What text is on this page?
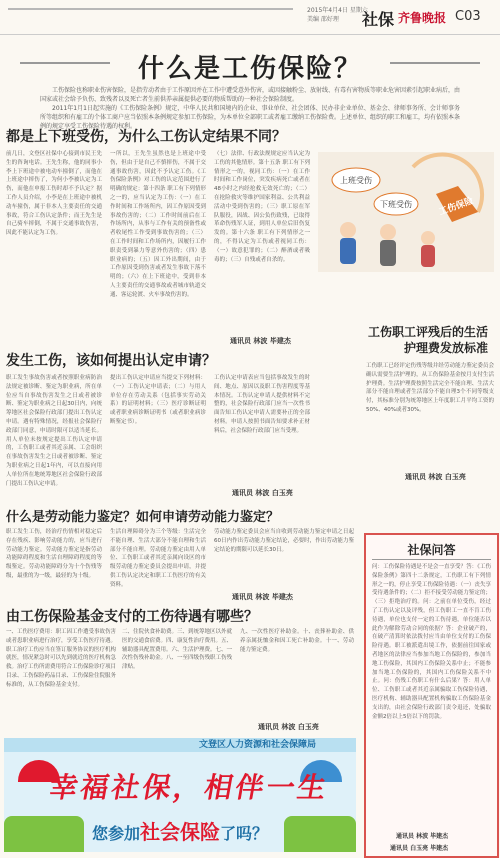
2015年4月4日 星期六
美编 邵好理	社保 齐鲁晚报 C03
什么是工伤保险？
工伤保险也称职业伤害保险，是指劳动者由于工作原因并在工作中遭受意外伤害，或因接触粉尘、放射线、有毒有害物质等职业危害因素引起职业病后，由国家或社会给予负伤、致残者以及死亡者生前供养亲属提供必要的物质帮助的一种社会保险制度。
2011年1月1日起实施的《工伤保险条例》规定，中华人民共和国境内的企业、事业单位、社会团体、民办非企业单位、基金会、律师事务所、会计师事务所等组织和有雇工的个体工商户应当依照本条例规定参加工伤保险，为本单位全部职工或者雇工缴纳工伤保险费。上述单位、组织的职工和雇工，均有依照本条例的规定享受工伤保险待遇的权利。
都是上下班受伤，为什么工伤认定结果不同？
前几日，文登区社保中心接到市民王先生的咨询电话。王先生称，他的同事小李上下班途中被电动车撞倒了，而他在上班途中摔伤了，为何小李被认定为工伤，而他在申报工伤时却不予认定？据工作人员介绍，小李是在上班途中被机动车撞伤，属于非本人主要责任的交通事故，符合工伤认定条件；而王先生是自己骑车摔倒，不属于交通事故伤害，因此不能认定为工伤。
一所以，王先生虽然也是上班途中受伤，但由于是自己不慎摔伤，不属于交通事故伤害，因此不予认定工伤。《工伤保险条例》对工伤的认定范围进行了明确的规定：第十四条 职工有下列情形之一的，应当认定为工伤：（一）在工作时间和工作场所内，因工作原因受到事故伤害的；（二）工作时间前后在工作场所内，从事与工作有关的预备性或者收尾性工作受到事故伤害的；（三）在工作时间和工作场所内，因履行工作职责受到暴力等意外伤害的；（四）患职业病的；（五）因工外出期间，由于工作原因受到伤害或者发生事故下落不明的；（六）在上下班途中，受到非本人主要责任的交通事故或者城市轨道交通、客运轮渡、火车事故伤害的。
（七）法律、行政法规规定应当认定为工伤的其他情形。第十五条 职工有下列情形之一的，视同工伤：（一）在工作时间和工作岗位，突发疾病死亡或者在48小时之内经抢救无效死亡的；（二）在抢险救灾等维护国家利益、公共利益活动中受到伤害的；（三）职工原在军队服役，因战、因公负伤致残，已取得革命伤残军人证，到用人单位后旧伤复发的。第十六条 职工有下列情形之一的，不得认定为工伤或者视同工伤：（一）故意犯罪的；（二）醉酒或者吸毒的；（三）自残或者自杀的。
通讯员 林波 毕建杰
上班受伤
下班受伤	工伤保险
工伤职工评残后的生活护理费发放标准
工伤职工已经评定伤残等级并经劳动能力鉴定委员会确认需要生活护理的，从工伤保险基金按月支付生活护理费。生活护理费按照生活完全不能自理、生活大部分不能自理或者生活部分不能自理3个不同等级支付，其标准分别为统筹地区上年度职工月平均工资的50%、40%或者30%。
通讯员 林波 白玉亮
发生工伤，该如何提出认定申请？
职工发生事故伤害或者按照职业病防治法规定被诊断、鉴定为职业病，所在单位应当自事故伤害发生之日或者被诊断、鉴定为职业病之日起30日内，向统筹地区社会保险行政部门提出工伤认定申请。遇有特殊情况，经报社会保险行政部门同意，申请时限可以适当延长。用人单位未按规定提出工伤认定申请的，工伤职工或者其近亲属、工会组织在事故伤害发生之日或者被诊断、鉴定为职业病之日起1年内，可以直接向用人单位所在地统筹地区社会保险行政部门提出工伤认定申请。
提出工伤认定申请应当提交下列材料：（一）工伤认定申请表；（二）与用人单位存在劳动关系（包括事实劳动关系）的证明材料；（三）医疗诊断证明或者职业病诊断证明书（或者职业病诊断鉴定书）。
工伤认定申请表应当包括事故发生的时间、地点、原因以及职工伤害程度等基本情况。工伤认定申请人提供材料不完整的，社会保险行政部门应当一次性书面告知工伤认定申请人需要补正的全部材料。申请人按照书面告知要求补正材料后，社会保险行政部门应当受理。
通讯员 林波 白玉亮
什么是劳动能力鉴定？如何申请劳动能力鉴定？
职工发生工伤，经治疗伤情相对稳定后存在残疾、影响劳动能力的，应当进行劳动能力鉴定。劳动能力鉴定是指劳动功能障碍程度和生活自理障碍程度的等级鉴定。劳动功能障碍分为十个伤残等级，最重的为一级，最轻的为十级。
生活自理障碍分为三个等级：生活完全不能自理、生活大部分不能自理和生活部分不能自理。劳动能力鉴定由用人单位、工伤职工或者其近亲属向设区的市级劳动能力鉴定委员会提出申请，并提供工伤认定决定和职工工伤医疗的有关资料。
劳动能力鉴定委员会应当自收到劳动能力鉴定申请之日起60日内作出劳动能力鉴定结论，必要时，作出劳动能力鉴定结论的期限可以延长30日。
通讯员 林波 毕建杰
由工伤保险基金支付的工伤待遇有哪些？
一、工伤医疗费用：职工因工作遭受事故伤害或者患职业病进行治疗，享受工伤医疗待遇。职工治疗工伤应当在签订服务协议的医疗机构就医，情况紧急时可以先到就近的医疗机构急救。治疗工伤所需费用符合工伤保险诊疗项目目录、工伤保险药品目录、工伤保险住院服务标准的，从工伤保险基金支付。
二、住院伙食补助费。三、到统筹地区以外就医的交通食宿费。四、康复性治疗费用。五、辅助器具配置费用。六、生活护理费。七、一次性伤残补助金。八、一至四级伤残职工伤残津贴。
九、一次性医疗补助金。十、丧葬补助金、供养亲属抚恤金和因工死亡补助金。十一、劳动能力鉴定费。
通讯员 林波 白玉亮
社保问答
问：工伤保险待遇是不是会一直享受？答：《工伤保险条例》第四十二条规定，工伤职工有下列情形之一的，停止享受工伤保险待遇：（一）丧失享受待遇条件的；（二）拒不接受劳动能力鉴定的；（三）拒绝治疗的。问：之前在单位受伤，经过了工伤认定以及评残，但工伤职工一直不肯工伤待遇，单位也支付一定的工伤待遇，单位能否以此作为解除劳动合同的依据？答：企业破产的，在破产清算时依法拨付应当由单位支付的工伤保险待遇。职工被派遣出境工作，依据前往国家或者地区的法律应当参加当地工伤保险的，参加当地工伤保险，其国内工伤保险关系中止；不能参加当地工伤保险的，其国内工伤保险关系不中止。问：伤残工伤职工有什么后果？答：用人单位、工伤职工或者其近亲属骗取工伤保险待遇，医疗机构、辅助器具配置机构骗取工伤保险基金支出的，由社会保险行政部门责令退还，处骗取金额2倍以上5倍以下的罚款。
通讯员 林波 毕建杰
通讯员 白玉亮 毕建杰
文登区人力资源和社会保障局
幸福社保，相伴一生
您参加社会保险了吗？
